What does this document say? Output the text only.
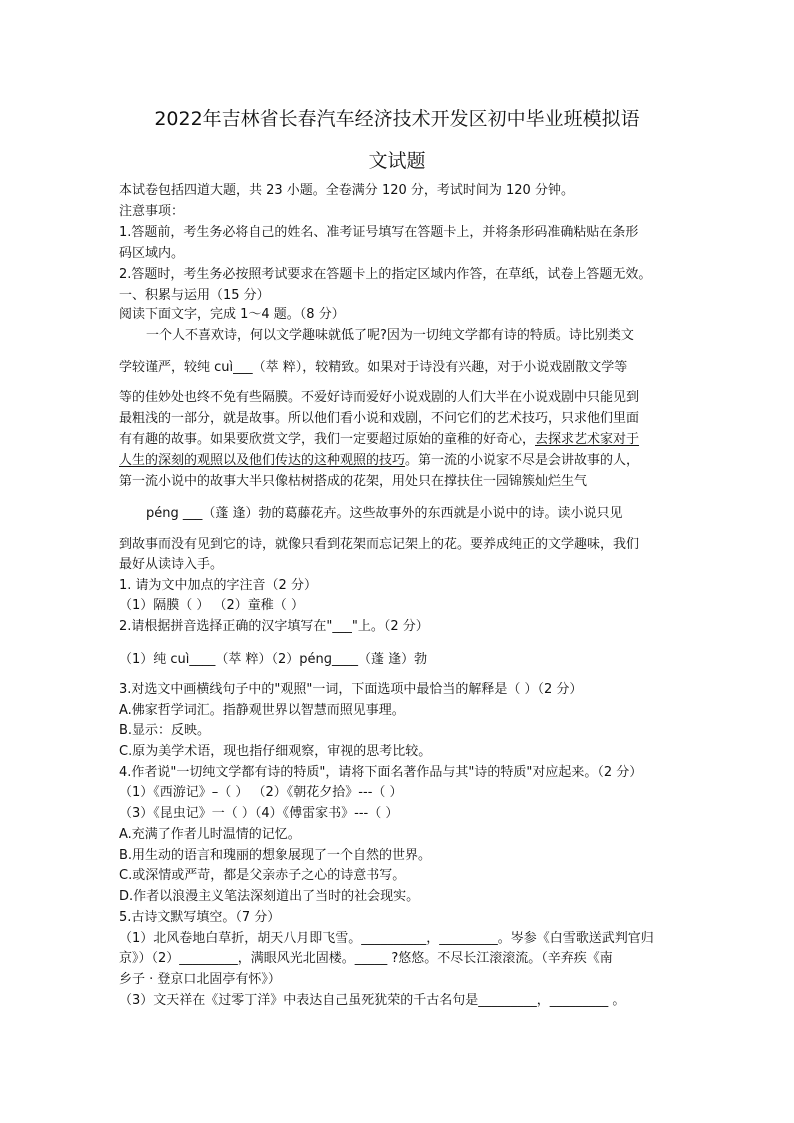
2022年吉林省长春汽车经济技术开发区初中毕业班模拟语
文试题
本试卷包括四道大题，共 23 小题。全卷满分 120 分，考试时间为 120 分钟。
注意事项：
1.答题前，考生务必将自己的姓名、准考证号填写在答题卡上，并将条形码准确粘贴在条形
码区域内。
2.答题时，考生务必按照考试要求在答题卡上的指定区域内作答，在草纸，试卷上答题无效。
一、积累与运用（15 分）
阅读下面文字，完成 1～4 题。（8 分）
一个人不喜欢诗，何以文学趣味就低了呢?因为一切纯文学都有诗的特质。诗比别类文
学较谨严，较纯 cuì___（萃 粹），较精致。如果对于诗没有兴趣，对于小说戏剧散文学等
等的佳妙处也终不免有些隔膜。不爱好诗而爱好小说戏剧的人们大半在小说戏剧中只能见到
最粗浅的一部分，就是故事。所以他们看小说和戏剧，不问它们的艺术技巧，只求他们里面
有有趣的故事。如果要欣赏文学，我们一定要超过原始的童稚的好奇心，去探求艺术家对于
人生的深刻的观照以及他们传达的这种观照的技巧。第一流的小说家不尽是会讲故事的人，
第一流小说中的故事大半只像枯树搭成的花架，用处只在撑扶住一园锦簇灿烂生气
péng ___（蓬 逢）勃的葛藤花卉。这些故事外的东西就是小说中的诗。读小说只见
到故事而没有见到它的诗，就像只看到花架而忘记架上的花。要养成纯正的文学趣味，我们
最好从读诗入手。
1. 请为文中加点的字注音（2 分）
（1）隔膜（ ） （2）童稚（ ）
2.请根据拼音选择正确的汉字填写在"___"上。（2 分）
（1）纯 cuì____（萃 粹）（2）pénɡ____（蓬 逢）勃
3.对选文中画横线句子中的"观照"一词，下面选项中最恰当的解释是（ ）（2 分）
A.佛家哲学词汇。指静观世界以智慧而照见事理。
B.显示：反映。
C.原为美学术语，现也指仔细观察，审视的思考比较。
4.作者说"一切纯文学都有诗的特质"，请将下面名著作品与其"诗的特质"对应起来。（2 分）
（1）《西游记》–（ ） （2）《朝花夕拾》---（ ）
（3）《昆虫记》一（ ）（4）《傅雷家书》---（ ）
A.充满了作者儿时温情的记忆。
B.用生动的语言和瑰丽的想象展现了一个自然的世界。
C.或深情或严苛，都是父亲赤子之心的诗意书写。
D.作者以浪漫主义笔法深刻道出了当时的社会现实。
5.古诗文默写填空。（7 分）
（1）北风卷地白草折，胡天八月即飞雪。__________，_________。岑参《白雪歌送武判官归
京》）（2）_________，满眼风光北固楼。_____ ?悠悠。不尽长江滚滚流。（辛弃疾《南
乡子 · 登京口北固亭有怀》）
（3）文天祥在《过零丁洋》中表达自己虽死犹荣的千古名句是_________，_________ 。
